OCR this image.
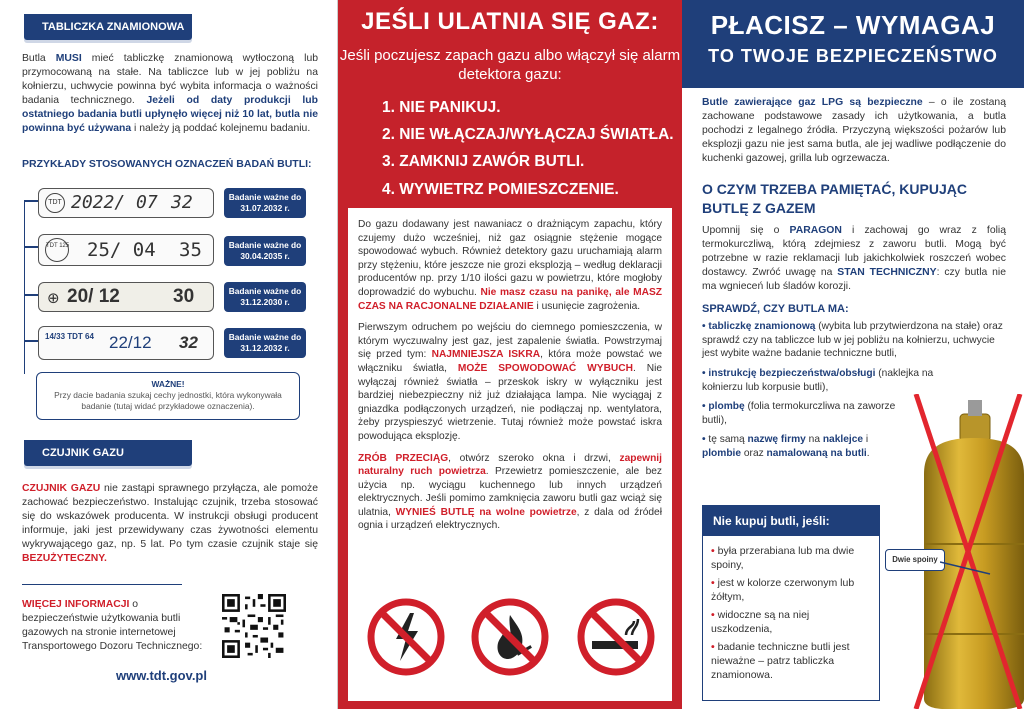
TABLICZKA ZNAMIONOWA
Butla MUSI mieć tabliczkę znamionową wytłoczoną lub przymocowaną na stałe. Na tabliczce lub w jej pobliżu na kołnierzu, uchwycie powinna być wybita informacja o ważności badania technicznego. Jeżeli od daty produkcji lub ostatniego badania butli upłynęło więcej niż 10 lat, butla nie powinna być używana i należy ją poddać kolejnemu badaniu.
PRZYKŁADY STOSOWANYCH OZNACZEŃ BADAŃ BUTLI:
TDT 2022/ 07 32	Badanie ważne do
31.07.2032 r.
TDT 125 25/ 04 35	Badanie ważne do
30.04.2035 r.
⊕ 20/ 12	30	Badanie ważne do
31.12.2030 r.
14/33 TDT 64 22/12 32	Badanie ważne do
31.12.2032 r.
WAŻNE!
Przy dacie badania szukaj cechy jednostki, która wykonywała badanie (tutaj widać przykładowe oznaczenia).
CZUJNIK GAZU
CZUJNIK GAZU nie zastąpi sprawnego przyłącza, ale pomoże zachować bezpieczeństwo. Instalując czujnik, trzeba stosować się do wskazówek producenta. W instrukcji obsługi producent informuje, jaki jest przewidywany czas żywotności elementu wykrywającego gaz, np. 5 lat. Po tym czasie czujnik staje się BEZUŻYTECZNY.
WIĘCEJ INFORMACJI o bezpieczeństwie użytkowania butli gazowych na stronie internetowej Transportowego Dozoru Technicznego:
www.tdt.gov.pl
JEŚLI ULATNIA SIĘ GAZ:
Jeśli poczujesz zapach gazu albo włączył się alarm detektora gazu:
1. NIE PANIKUJ.
2. NIE WŁĄCZAJ/WYŁĄCZAJ ŚWIATŁA.
3. ZAMKNIJ ZAWÓR BUTLI.
4. WYWIETRZ POMIESZCZENIE.

Do gazu dodawany jest nawaniacz o drażniącym zapachu, który czujemy dużo wcześniej, niż gaz osiągnie stężenie mogące spowodować wybuch. Również detektory gazu uruchamiają alarm przy stężeniu, które jeszcze nie grozi eksplozją – według deklaracji producentów np. przy 1/10 ilości gazu w powietrzu, które mogłoby doprowadzić do wybuchu. Nie masz czasu na panikę, ale MASZ CZAS NA RACJONALNE DZIAŁANIE i usunięcie zagrożenia.

Pierwszym odruchem po wejściu do ciemnego pomieszczenia, w którym wyczuwalny jest gaz, jest zapalenie światła. Powstrzymaj się przed tym: NAJMNIEJSZA ISKRA, która może powstać we włączniku światła, MOŻE SPOWODOWAĆ WYBUCH. Nie wyłączaj również światła – przeskok iskry w wyłączniku jest bardziej niebezpieczny niż już działająca lampa. Nie wyciągaj z gniazdka podłączonych urządzeń, nie podłączaj np. wentylatora, żeby przyspieszyć wietrzenie. Tutaj również może powstać iskra powodująca eksplozję.

ZRÓB PRZECIĄG, otwórz szeroko okna i drzwi, zapewnij naturalny ruch powietrza. Przewietrz pomieszczenie, ale bez użycia np. wyciągu kuchennego lub innych urządzeń elektrycznych. Jeśli pomimo zamknięcia zaworu butli gaz wciąż się ulatnia, WYNIEŚ BUTLĘ na wolne powietrze, z dala od źródeł ognia i urządzeń elektrycznych.

PŁACISZ – WYMAGAJ
TO TWOJE BEZPIECZEŃSTWO
Butle zawierające gaz LPG są bezpieczne – o ile zostaną zachowane podstawowe zasady ich użytkowania, a butla pochodzi z legalnego źródła. Przyczyną większości pożarów lub eksplozji gazu nie jest sama butla, ale jej wadliwe podłączenie do kuchenki gazowej, grilla lub ogrzewacza.
O CZYM TRZEBA PAMIĘTAĆ, KUPUJĄC
BUTLĘ Z GAZEM
Upomnij się o PARAGON i zachowaj go wraz z folią termokurczliwą, którą zdejmiesz z zaworu butli. Mogą być potrzebne w razie reklamacji lub jakichkolwiek roszczeń wobec dostawcy. Zwróć uwagę na STAN TECHNICZNY: czy butla nie ma wgnieceń lub śladów korozji.
SPRAWDŹ, CZY BUTLA MA:
• tabliczkę znamionową (wybita lub przytwierdzona na stałe) oraz sprawdź czy na tabliczce lub w jej pobliżu na kołnierzu, uchwycie jest wybite ważne badanie techniczne butli,
• instrukcję bezpieczeństwa/obsługi (naklejka na kołnierzu lub korpusie butli),
• plombę (folia termokurczliwa na zaworze butli),
• tę samą nazwę firmy na naklejce i plombie oraz namalowaną na butli.
Nie kupuj butli, jeśli:
• była przerabiana lub ma dwie spoiny,
• jest w kolorze czerwonym lub żółtym,
• widoczne są na niej uszkodzenia,
• badanie techniczne butli jest nieważne – patrz tabliczka znamionowa.
Dwie spoiny
